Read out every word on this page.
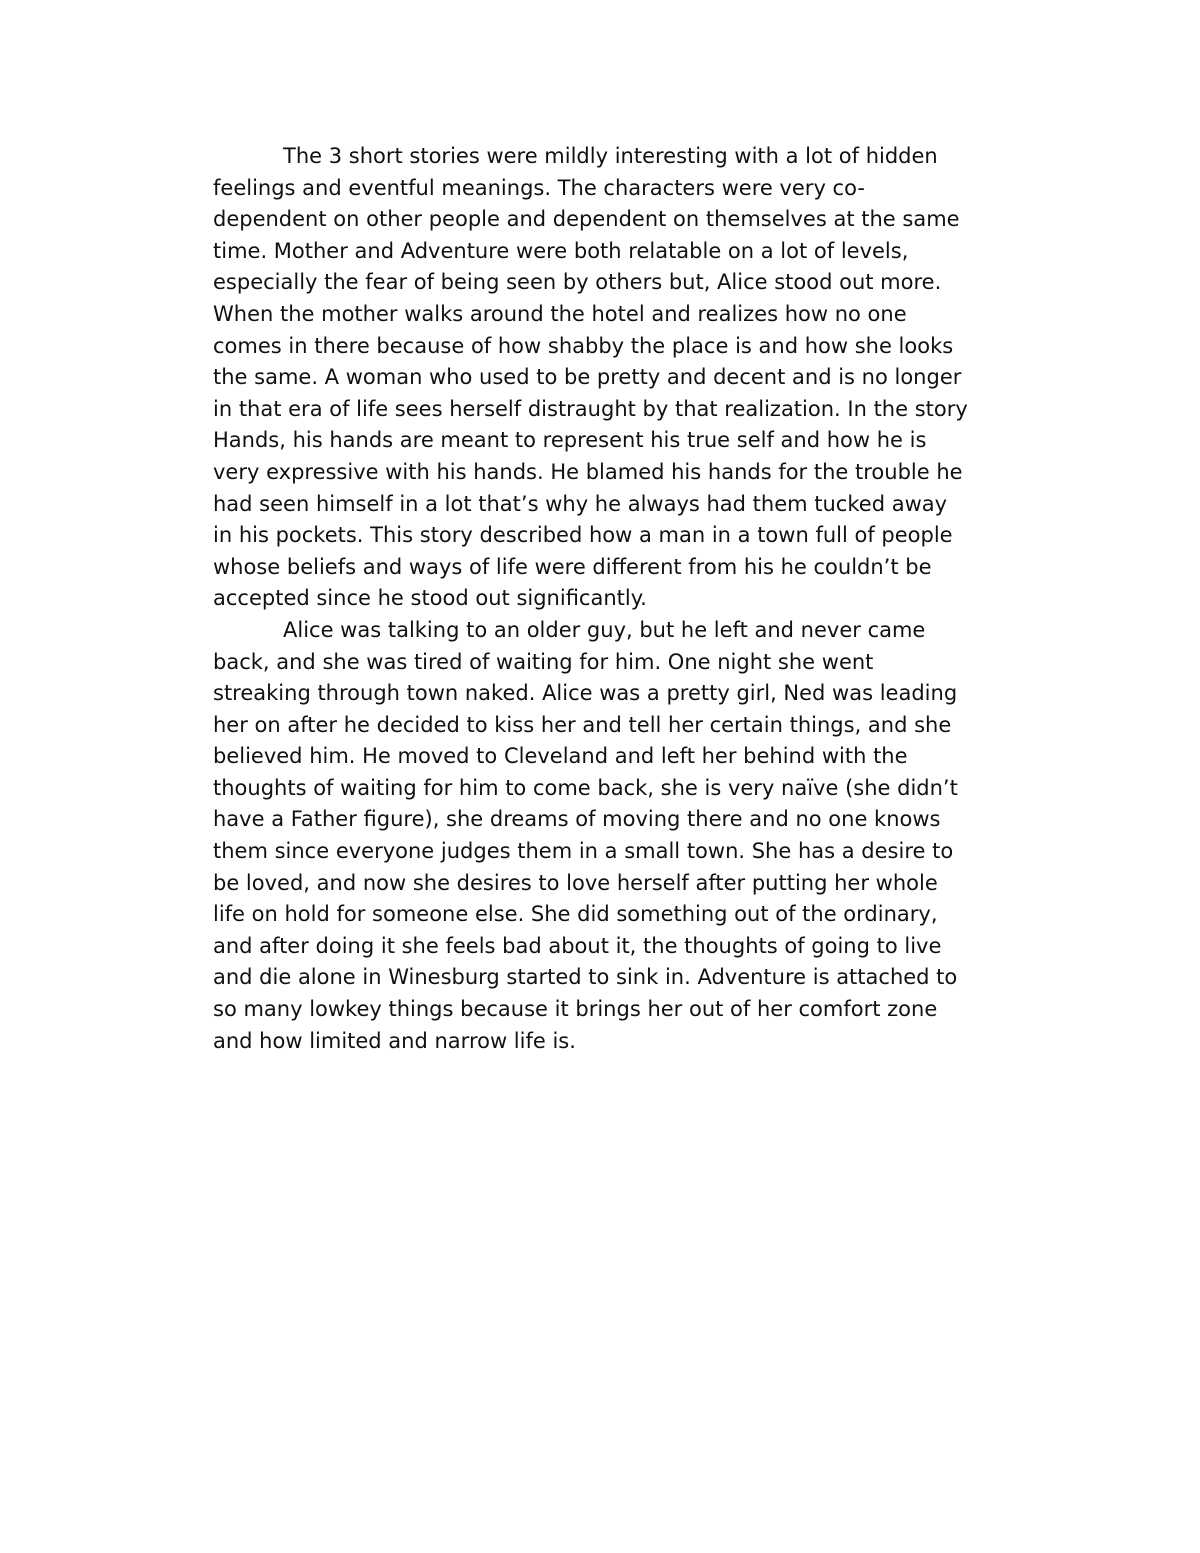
The 3 short stories were mildly interesting with a lot of hidden
feelings and eventful meanings. The characters were very co-
dependent on other people and dependent on themselves at the same
time. Mother and Adventure were both relatable on a lot of levels,
especially the fear of being seen by others but, Alice stood out more.
When the mother walks around the hotel and realizes how no one
comes in there because of how shabby the place is and how she looks
the same. A woman who used to be pretty and decent and is no longer
in that era of life sees herself distraught by that realization. In the story
Hands, his hands are meant to represent his true self and how he is
very expressive with his hands. He blamed his hands for the trouble he
had seen himself in a lot that’s why he always had them tucked away
in his pockets. This story described how a man in a town full of people
whose beliefs and ways of life were different from his he couldn’t be
accepted since he stood out significantly.
Alice was talking to an older guy, but he left and never came
back, and she was tired of waiting for him. One night she went
streaking through town naked. Alice was a pretty girl, Ned was leading
her on after he decided to kiss her and tell her certain things, and she
believed him. He moved to Cleveland and left her behind with the
thoughts of waiting for him to come back, she is very naïve (she didn’t
have a Father figure), she dreams of moving there and no one knows
them since everyone judges them in a small town. She has a desire to
be loved, and now she desires to love herself after putting her whole
life on hold for someone else. She did something out of the ordinary,
and after doing it she feels bad about it, the thoughts of going to live
and die alone in Winesburg started to sink in. Adventure is attached to
so many lowkey things because it brings her out of her comfort zone
and how limited and narrow life is.
